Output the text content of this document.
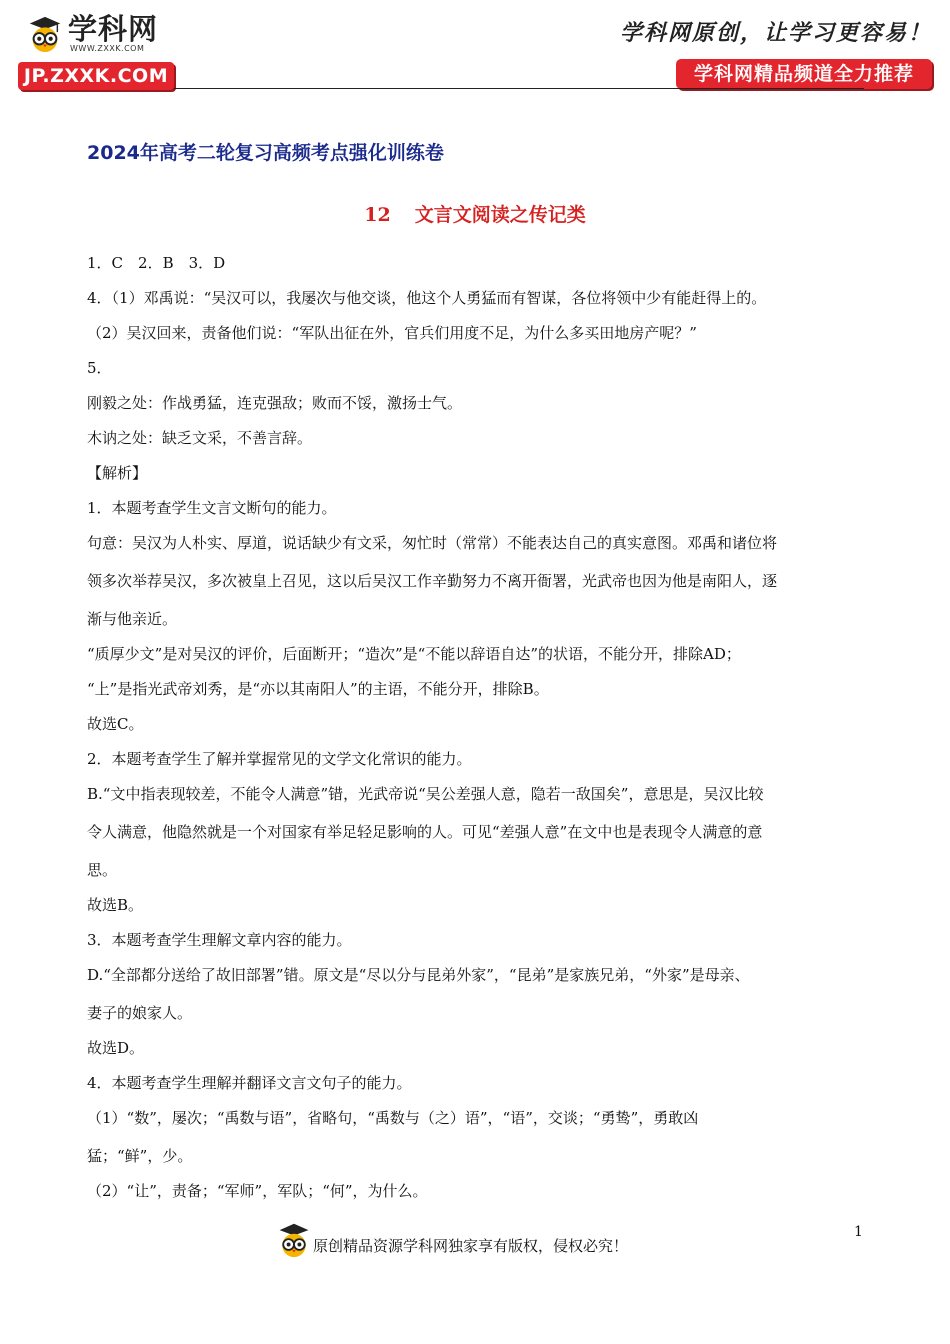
学科网
WWW.ZXXK.COM
JP.ZXXK.COM
学科网原创，让学习更容易！
学科网精品频道全力推荐
2024年高考二轮复习高频考点强化训练卷
12 文言文阅读之传记类

1．C　2．B　3．D

4．（1）邓禹说：“吴汉可以，我屡次与他交谈，他这个人勇猛而有智谋，各位将领中少有能赶得上的。

（2）吴汉回来，责备他们说：“军队出征在外，官兵们用度不足，为什么多买田地房产呢？”

5．

刚毅之处：作战勇猛，连克强敌；败而不馁，激扬士气。

木讷之处：缺乏文采，不善言辞。

【解析】

1．本题考查学生文言文断句的能力。

句意：吴汉为人朴实、厚道，说话缺少有文采，匆忙时（常常）不能表达自己的真实意图。邓禹和诸位将

领多次举荐吴汉，多次被皇上召见，这以后吴汉工作辛勤努力不离开衙署，光武帝也因为他是南阳人，逐

渐与他亲近。

“质厚少文”是对吴汉的评价，后面断开；“造次”是“不能以辞语自达”的状语，不能分开，排除AD；

“上”是指光武帝刘秀，是“亦以其南阳人”的主语，不能分开，排除B。

故选C。

2．本题考查学生了解并掌握常见的文学文化常识的能力。

B.“文中指表现较差，不能令人满意”错，光武帝说“吴公差强人意，隐若一敌国矣”，意思是，吴汉比较

令人满意，他隐然就是一个对国家有举足轻足影响的人。可见“差强人意”在文中也是表现令人满意的意

思。

故选B。

3．本题考查学生理解文章内容的能力。

D.“全部都分送给了故旧部署”错。原文是“尽以分与昆弟外家”，“昆弟”是家族兄弟，“外家”是母亲、

妻子的娘家人。

故选D。

4．本题考查学生理解并翻译文言文句子的能力。

（1）“数”，屡次；“禹数与语”，省略句，“禹数与（之）语”，“语”，交谈；“勇鸷”，勇敢凶

猛；“鲜”，少。

（2）“让”，责备；“军师”，军队；“何”，为什么。

原创精品资源学科网独家享有版权，侵权必究！
1
